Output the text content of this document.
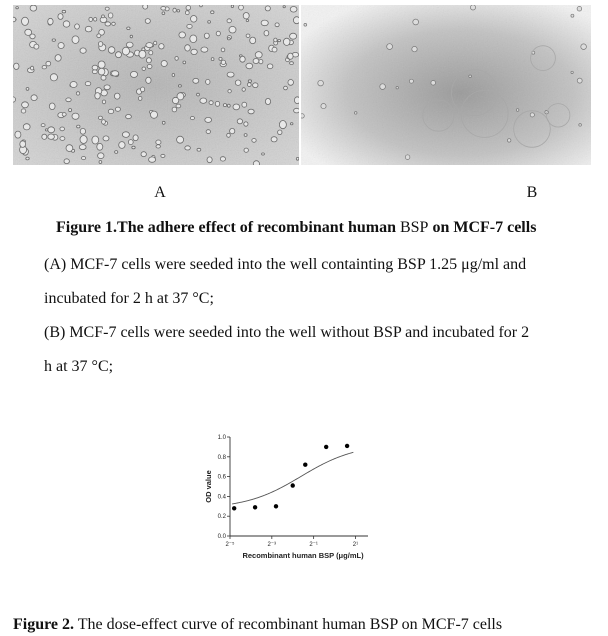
A	B
Figure 1.The adhere effect of recombinant human BSP on MCF-7 cells
(A) MCF-7 cells were seeded into the well containting BSP 1.25 μg/ml and
incubated for 2 h at 37 °C;
(B) MCF-7 cells were seeded into the well without BSP and incubated for 2
h at 37 °C;
0.0
0.2
0.4
0.6
0.8
1.0
2⁻⁵	2⁻³	2⁻¹	2¹
OD value
Recombinant human BSP (μg/mL)
Figure 2. The dose-effect curve of recombinant human BSP on MCF-7 cells
